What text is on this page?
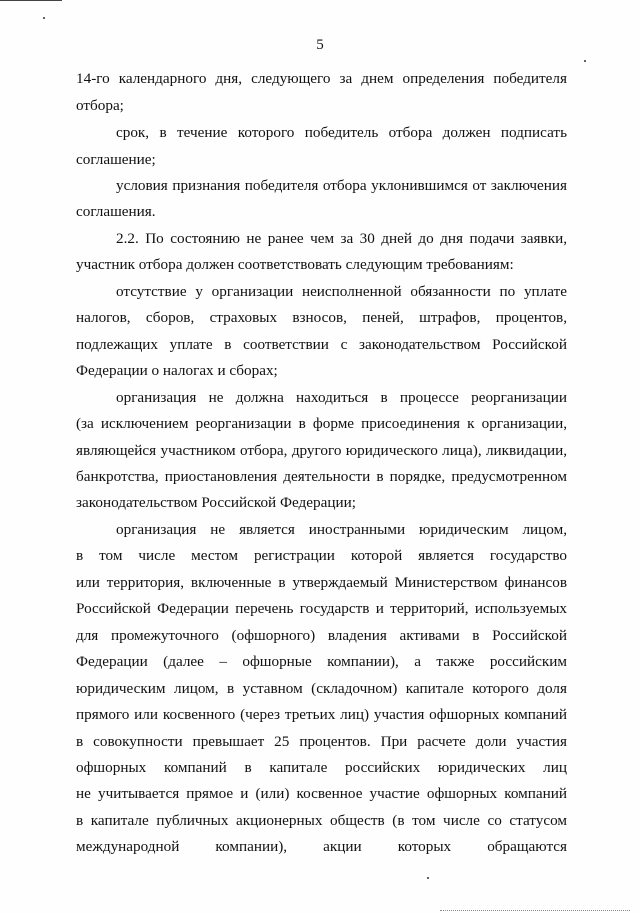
5
14-го календарного дня, следующего за днем определения победителя
отбора;
срок, в течение которого победитель отбора должен подписать
соглашение;
условия признания победителя отбора уклонившимся от заключения
соглашения.
2.2. По состоянию не ранее чем за 30 дней до дня подачи заявки,
участник отбора должен соответствовать следующим требованиям:
отсутствие у организации неисполненной обязанности по уплате
налогов, сборов, страховых взносов, пеней, штрафов, процентов,
подлежащих уплате в соответствии с законодательством Российской
Федерации о налогах и сборах;
организация не должна находиться в процессе реорганизации
(за исключением реорганизации в форме присоединения к организации,
являющейся участником отбора, другого юридического лица), ликвидации,
банкротства, приостановления деятельности в порядке, предусмотренном
законодательством Российской Федерации;
организация не является иностранными юридическим лицом,
в том числе местом регистрации которой является государство
или территория, включенные в утверждаемый Министерством финансов
Российской Федерации перечень государств и территорий, используемых
для промежуточного (офшорного) владения активами в Российской
Федерации (далее – офшорные компании), а также российским
юридическим лицом, в уставном (складочном) капитале которого доля
прямого или косвенного (через третьих лиц) участия офшорных компаний
в совокупности превышает 25 процентов. При расчете доли участия
офшорных компаний в капитале российских юридических лиц
не учитывается прямое и (или) косвенное участие офшорных компаний
в капитале публичных акционерных обществ (в том числе со статусом
международной компании), акции которых обращаются
